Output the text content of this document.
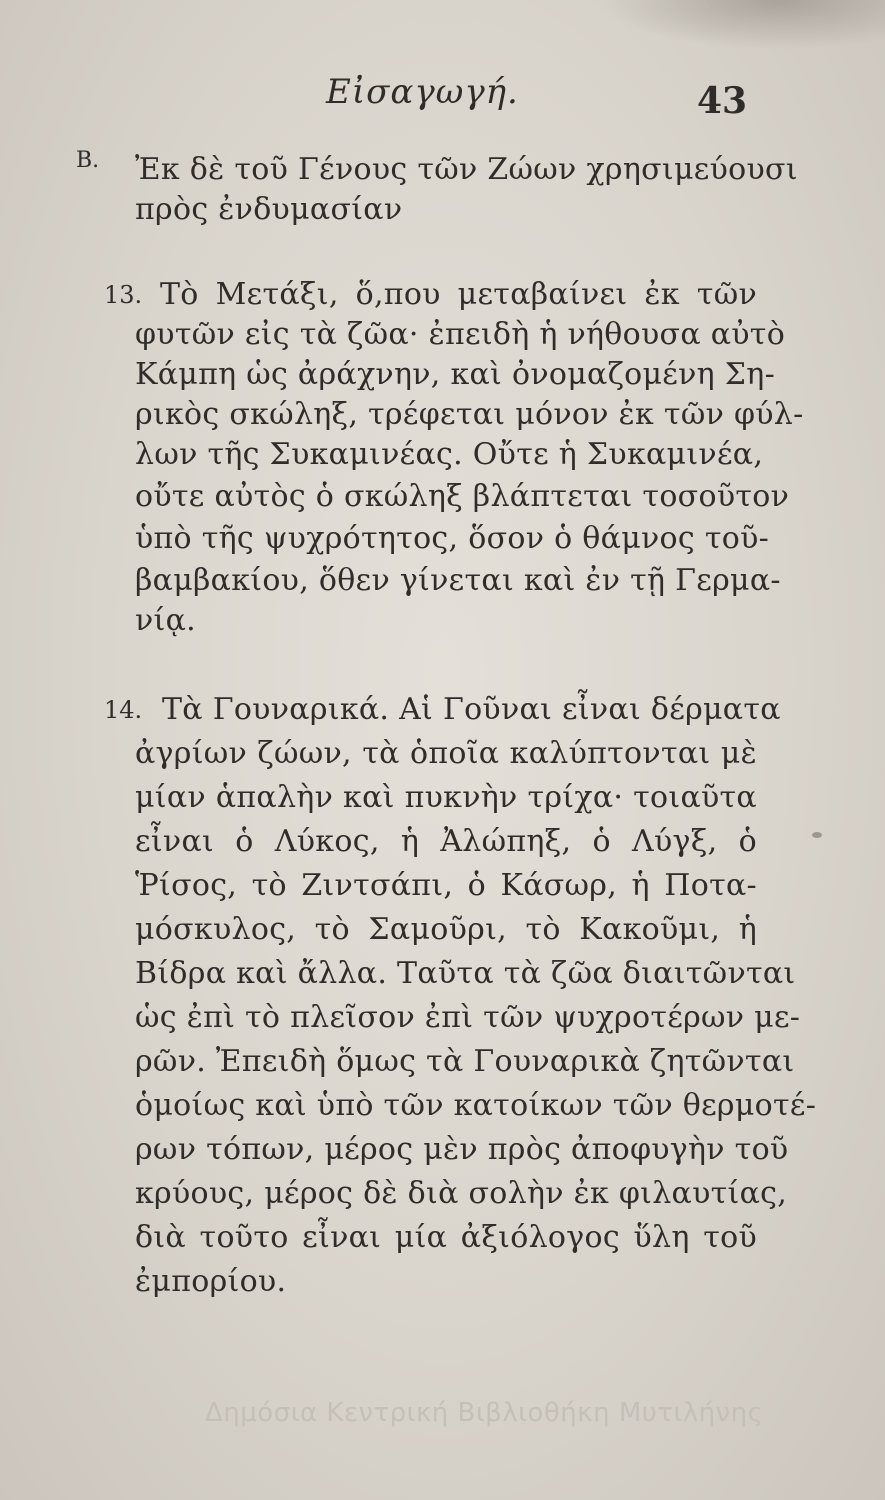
Εἰσαγωγή.	43
B. Ἐκ δὲ τοῦ Γένους τῶν Ζώων χρησιμεύουσι
πρὸς ἐνδυμασίαν
13. Τὸ Μετάξι, ὅ,που μεταβαίνει ἐκ τῶν
φυτῶν εἰς τὰ ζῶα· ἐπειδὴ ἡ νήθουσα αὐτὸ
Κάμπη ὡς ἀράχνην, καὶ ὀνομαζομένη Ση-
ρικὸς σκώληξ, τρέφεται μόνον ἐκ τῶν φύλ-
λων τῆς Συκαμινέας. Οὔτε ἡ Συκαμινέα,
οὔτε αὐτὸς ὁ σκώληξ βλάπτεται τοσοῦτον
ὑπὸ τῆς ψυχρότητος, ὅσον ὁ θάμνος τοῦ-
βαμβακίου, ὅθεν γίνεται καὶ ἐν τῇ Γερμα-
νίᾳ.
14. Τὰ Γουναρικά. Αἱ Γοῦναι εἶναι δέρματα
ἀγρίων ζώων, τὰ ὁποῖα καλύπτονται μὲ
μίαν ἁπαλὴν καὶ πυκνὴν τρίχα· τοιαῦτα
εἶναι ὁ Λύκος, ἡ Ἀλώπηξ, ὁ Λύγξ, ὁ
Ῥίσος, τὸ Ζιντσάπι, ὁ Κάσωρ, ἡ Ποτα-
μόσκυλος, τὸ Σαμοῦρι, τὸ Κακοῦμι, ἡ
Βίδρα καὶ ἄλλα. Ταῦτα τὰ ζῶα διαιτῶνται
ὡς ἐπὶ τὸ πλεῖσον ἐπὶ τῶν ψυχροτέρων με-
ρῶν. Ἐπειδὴ ὅμως τὰ Γουναρικὰ ζητῶνται
ὁμοίως καὶ ὑπὸ τῶν κατοίκων τῶν θερμοτέ-
ρων τόπων, μέρος μὲν πρὸς ἀποφυγὴν τοῦ
κρύους, μέρος δὲ διὰ σολὴν ἐκ φιλαυτίας,
διὰ τοῦτο εἶναι μία ἀξιόλογος ὕλη τοῦ
ἐμπορίου.
Δημόσια Κεντρική Βιβλιοθήκη Μυτιλήνης
